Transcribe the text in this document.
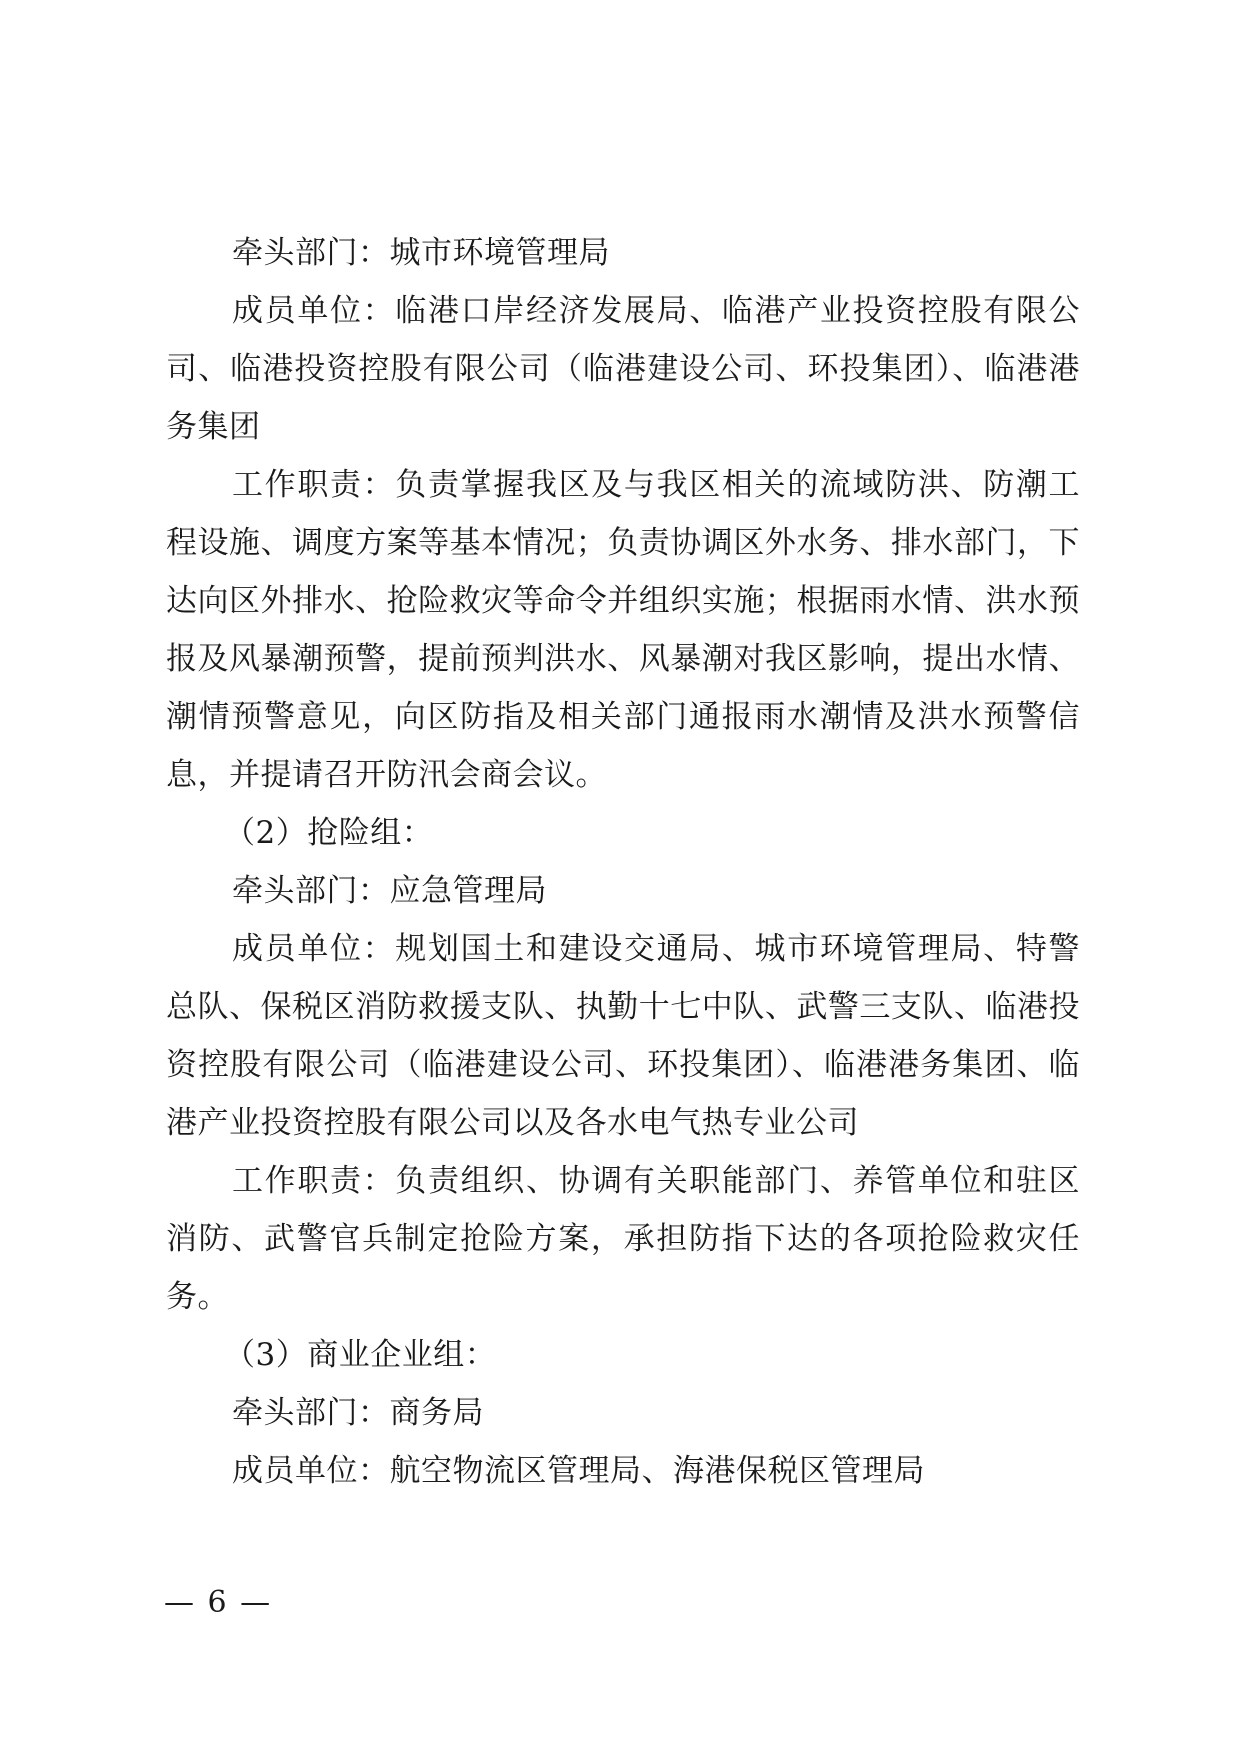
牵头部门：城市环境管理局

成员单位：临港口岸经济发展局、临港产业投资控股有限公司、临港投资控股有限公司（临港建设公司、环投集团）、临港港务集团

工作职责：负责掌握我区及与我区相关的流域防洪、防潮工程设施、调度方案等基本情况；负责协调区外水务、排水部门，下达向区外排水、抢险救灾等命令并组织实施；根据雨水情、洪水预报及风暴潮预警，提前预判洪水、风暴潮对我区影响，提出水情、潮情预警意见，向区防指及相关部门通报雨水潮情及洪水预警信息，并提请召开防汛会商会议。

（2）抢险组：

牵头部门：应急管理局

成员单位：规划国土和建设交通局、城市环境管理局、特警总队、保税区消防救援支队、执勤十七中队、武警三支队、临港投资控股有限公司（临港建设公司、环投集团）、临港港务集团、临港产业投资控股有限公司以及各水电气热专业公司

工作职责：负责组织、协调有关职能部门、养管单位和驻区消防、武警官兵制定抢险方案，承担防指下达的各项抢险救灾任务。

（3）商业企业组：

牵头部门：商务局

成员单位：航空物流区管理局、海港保税区管理局

— 6 —
